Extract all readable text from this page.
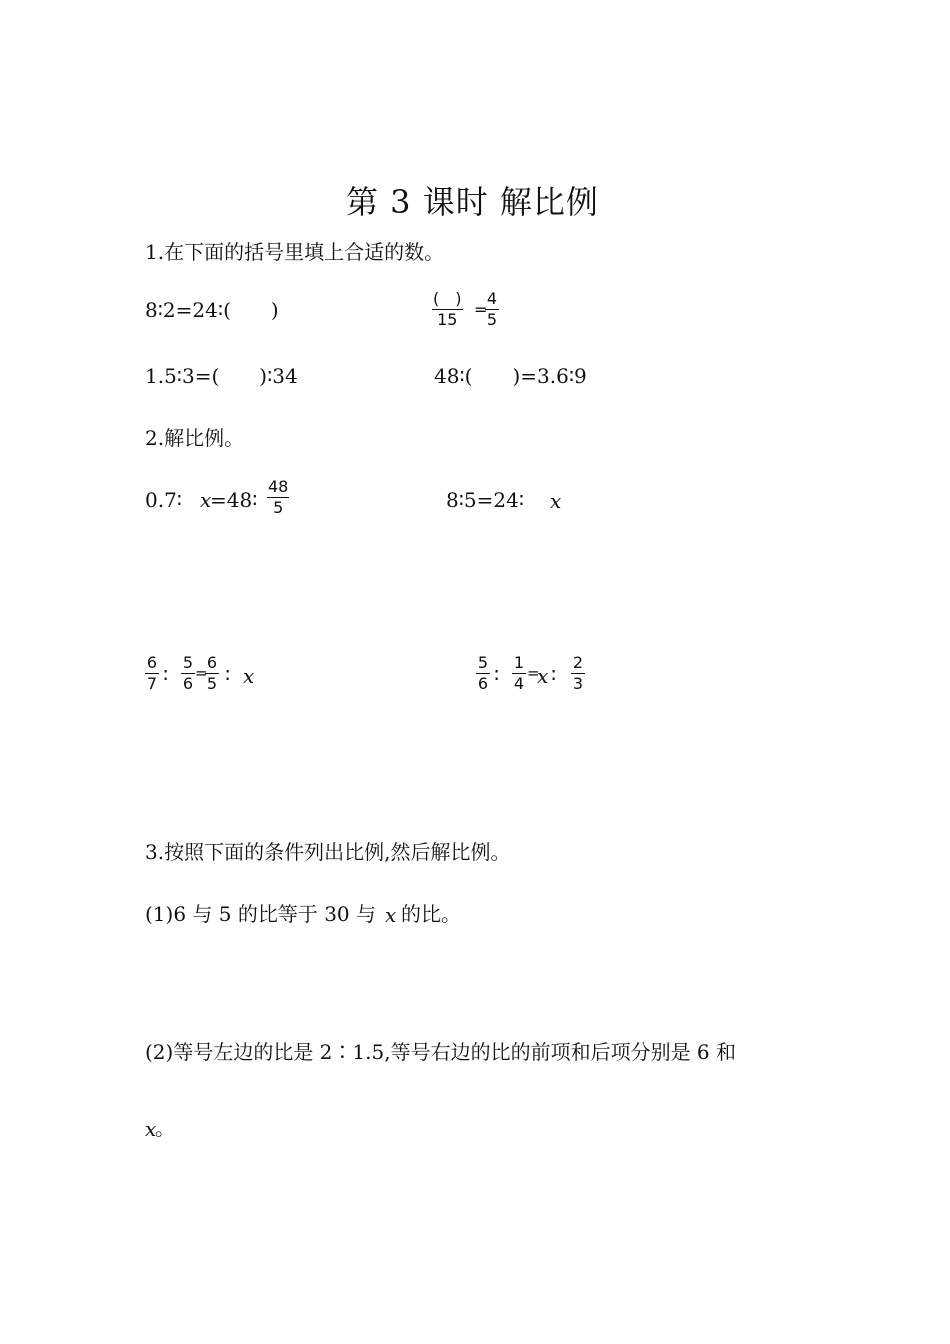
第 3 课时 解比例
1.在下面的括号里填上合适的数。
8∶2=24∶(　　)	(　)
15
=
$\frac{4}{5}$
1.5∶3=(　　)∶34	48∶(　　)=3.6∶9
2.解比例。
0.7∶ x
=48∶ $\frac{48}{5}$	8∶5=24∶ x
$\frac{6}{7}$ ∶ $\frac{5}{6}$ =
$\frac{6}{5}$ ∶ x	$\frac{5}{6}$ ∶ $\frac{1}{4}$ =
x ∶ $\frac{2}{3}$
3.按照下面的条件列出比例,然后解比例。
(1)6 与 5 的比等于 30 与 x 的比。
(2)等号左边的比是 2∶1.5,等号右边的比的前项和后项分别是 6 和
x
。
